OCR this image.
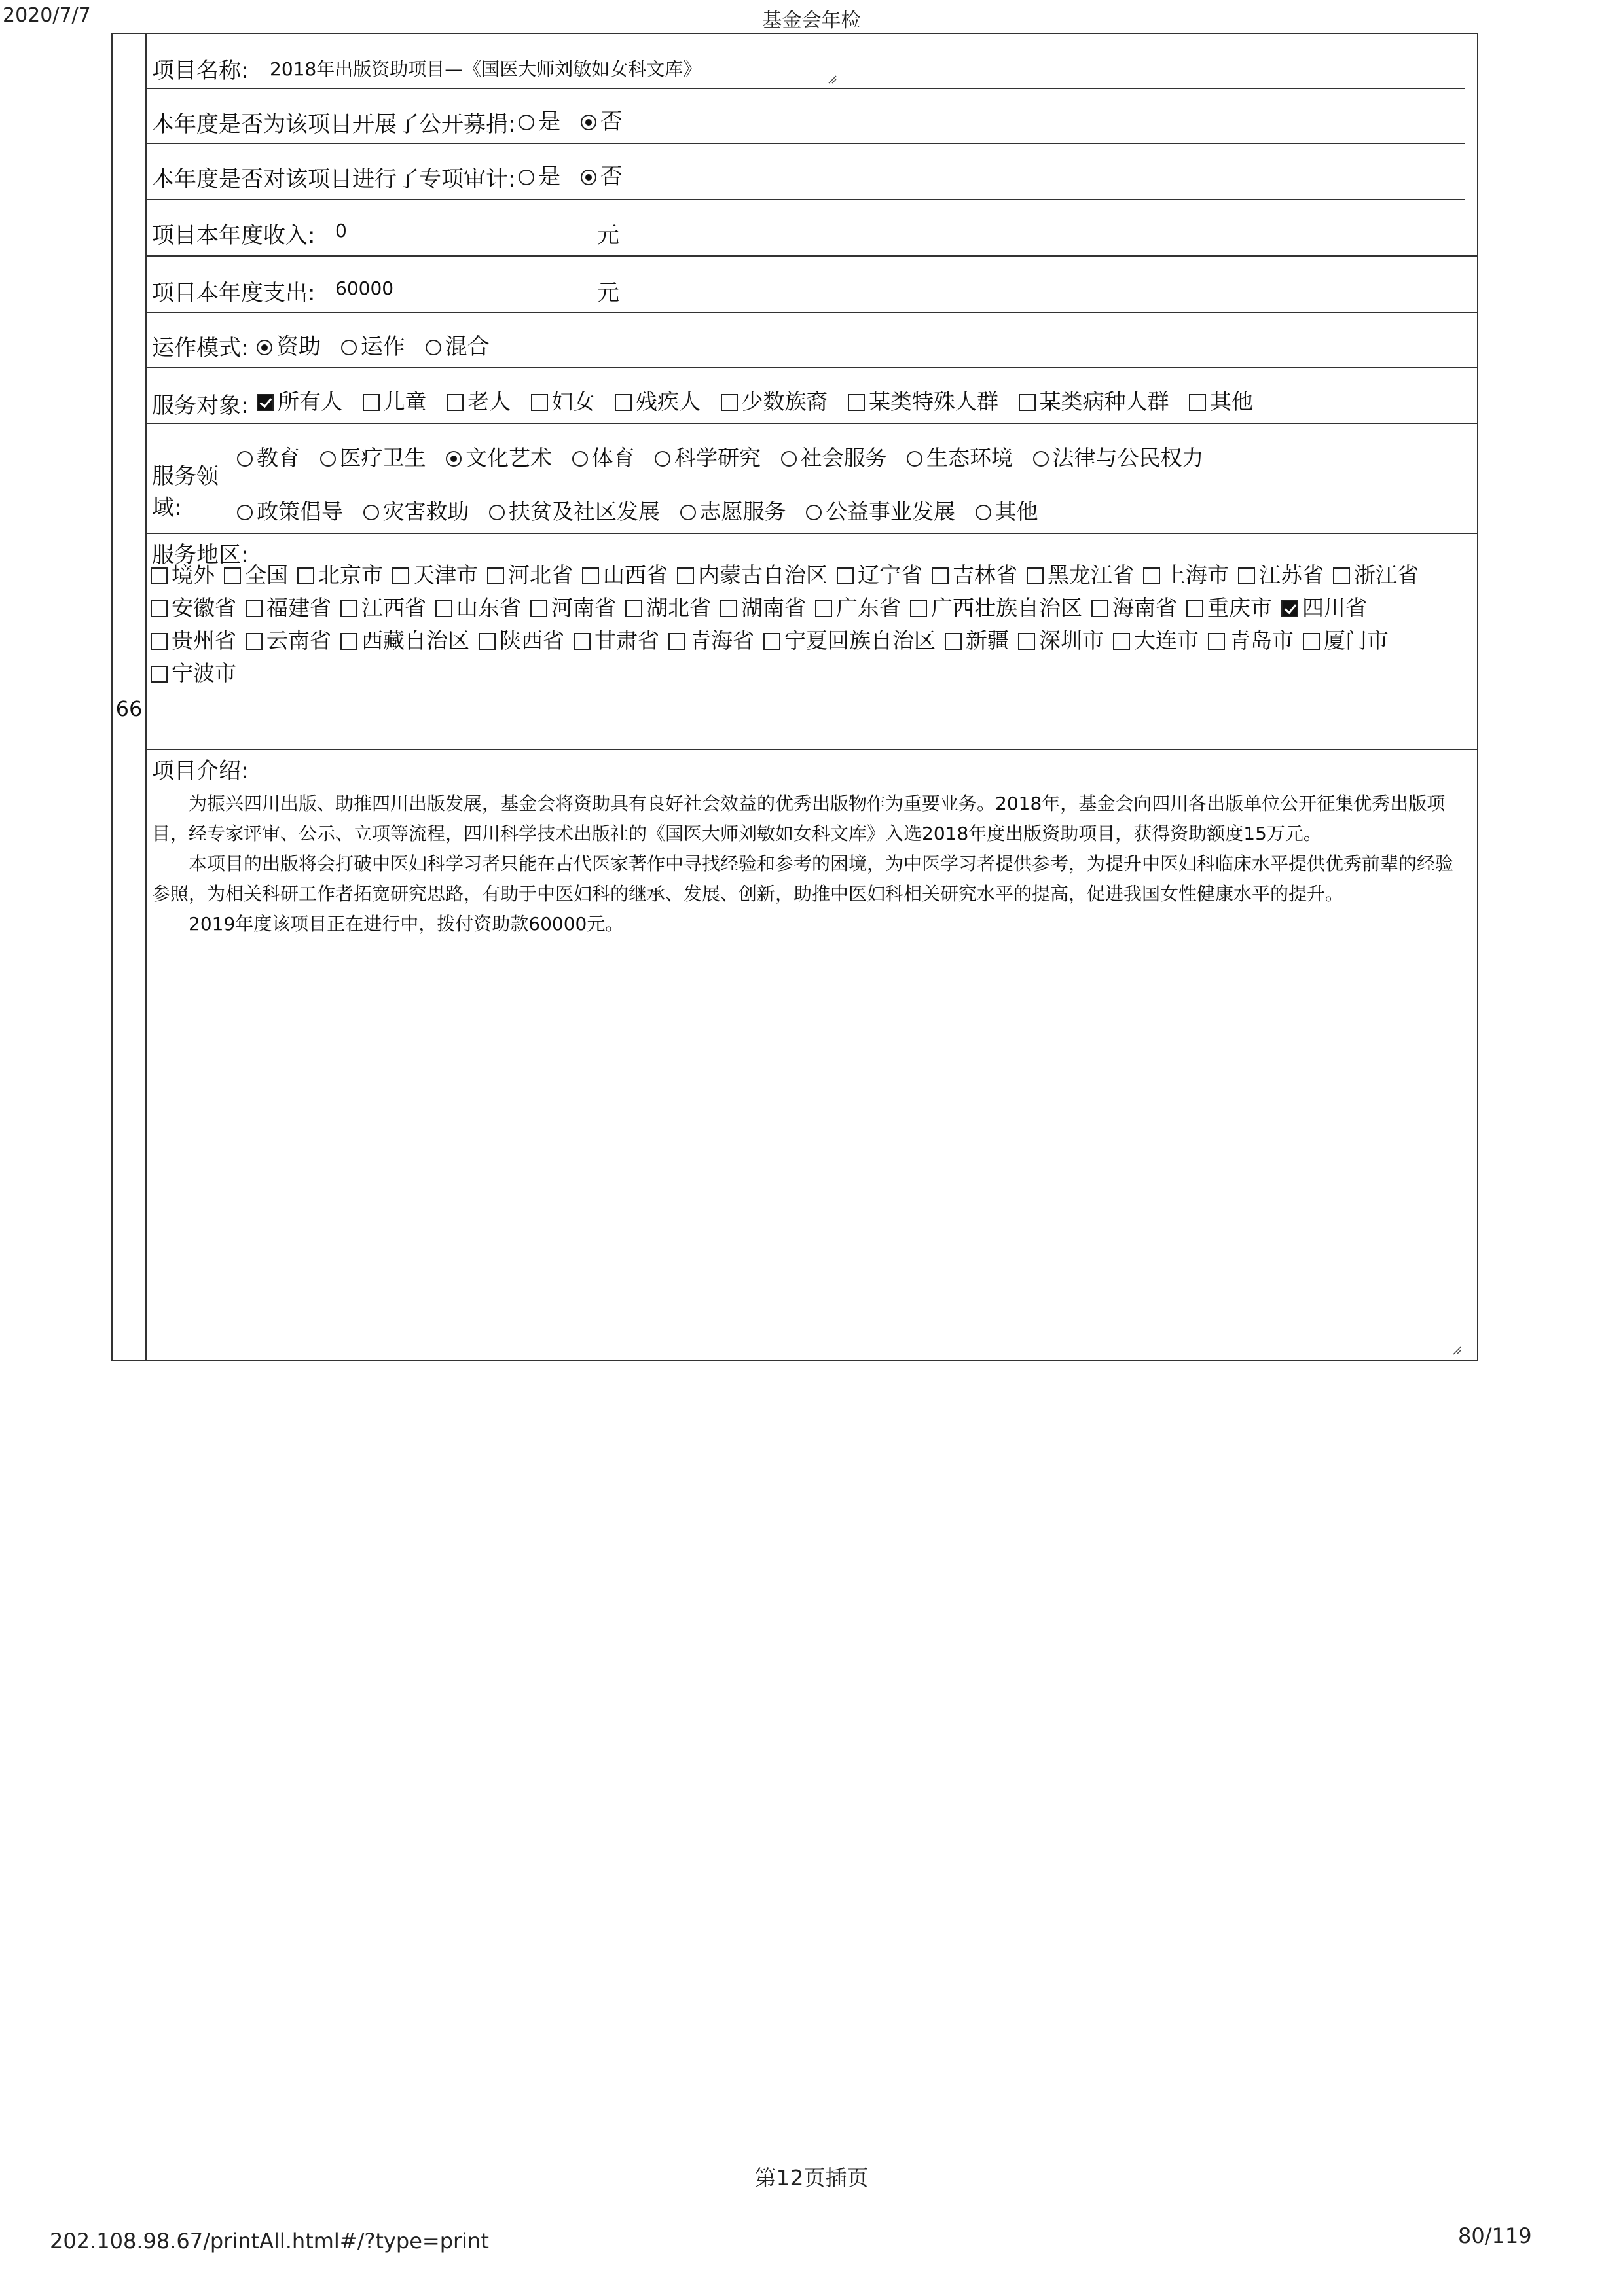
2020/7/7	基金会年检
66
项目名称: 2018年出版资助项目—《国医大师刘敏如女科文库》
本年度是否为该项目开展了公开募捐:	是 否
本年度是否对该项目进行了专项审计:	是 否
项目本年度收入: 0	元
项目本年度支出: 60000	元
运作模式:	资助 运作 混合
服务对象:	所有人 儿童 老人 妇女 残疾人 少数族裔 某类特殊人群 某类病种人群 其他
服务领
域:
教育 医疗卫生 文化艺术 体育 科学研究 社会服务 生态环境 法律与公民权力
政策倡导 灾害救助 扶贫及社区发展 志愿服务 公益事业发展 其他
服务地区:
境外 全国 北京市 天津市 河北省 山西省 内蒙古自治区 辽宁省 吉林省 黑龙江省 上海市 江苏省 浙江省安徽省 福建省 江西省 山东省 河南省 湖北省 湖南省 广东省 广西壮族自治区 海南省 重庆市 四川省贵州省 云南省 西藏自治区 陕西省 甘肃省 青海省 宁夏回族自治区 新疆 深圳市 大连市 青岛市 厦门市宁波市
项目介绍:

为振兴四川出版、助推四川出版发展，基金会将资助具有良好社会效益的优秀出版物作为重要业务。2018年，基金会向四川各出版单位公开征集优秀出版项目，经专家评审、公示、立项等流程，四川科学技术出版社的《国医大师刘敏如女科文库》入选2018年度出版资助项目，获得资助额度15万元。

本项目的出版将会打破中医妇科学习者只能在古代医家著作中寻找经验和参考的困境，为中医学习者提供参考，为提升中医妇科临床水平提供优秀前辈的经验参照，为相关科研工作者拓宽研究思路，有助于中医妇科的继承、发展、创新，助推中医妇科相关研究水平的提高，促进我国女性健康水平的提升。

2019年度该项目正在进行中，拨付资助款60000元。

第12页插页
202.108.98.67/printAll.html#/?type=print	80/119
